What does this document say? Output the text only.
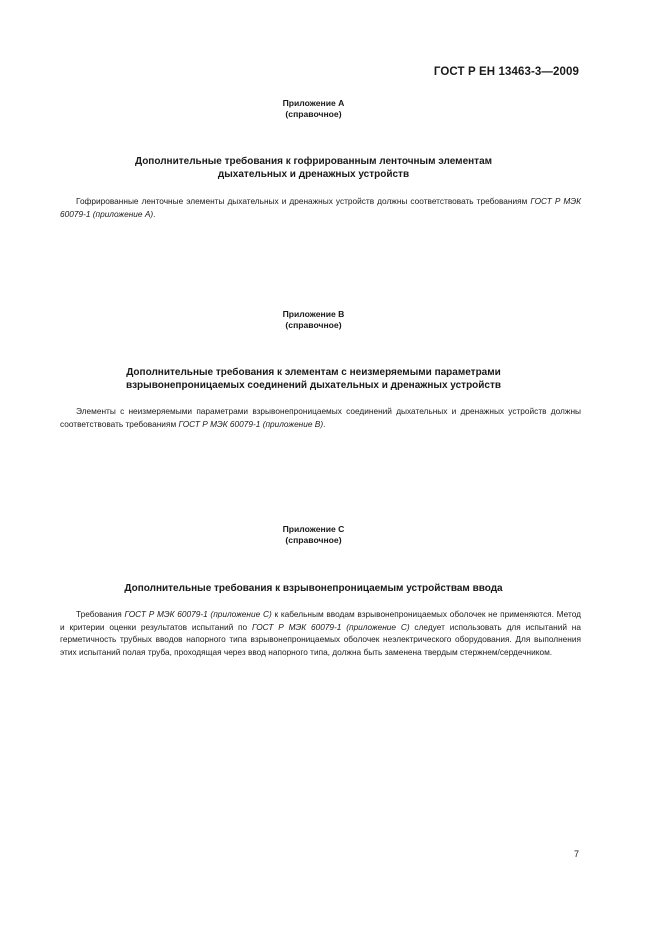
ГОСТ Р ЕН 13463-3—2009
Приложение А
(справочное)
Дополнительные требования к гофрированным ленточным элементам
дыхательных и дренажных устройств
Гофрированные ленточные элементы дыхательных и дренажных устройств должны соответствовать требованиям ГОСТ Р МЭК 60079-1 (приложение А).
Приложение В
(справочное)
Дополнительные требования к элементам с неизмеряемыми параметрами
взрывонепроницаемых соединений дыхательных и дренажных устройств
Элементы с неизмеряемыми параметрами взрывонепроницаемых соединений дыхательных и дренажных устройств должны соответствовать требованиям ГОСТ Р МЭК 60079-1 (приложение В).
Приложение С
(справочное)
Дополнительные требования к взрывонепроницаемым устройствам ввода
Требования ГОСТ Р МЭК 60079-1 (приложение С) к кабельным вводам взрывонепроницаемых оболочек не применяются. Метод и критерии оценки результатов испытаний по ГОСТ Р МЭК 60079-1 (приложение С) следует использовать для испытаний на герметичность трубных вводов напорного типа взрывонепроницаемых оболочек неэлектрического оборудования. Для выполнения этих испытаний полая труба, проходящая через ввод напорного типа, должна быть заменена твердым стержнем/сердечником.
7
